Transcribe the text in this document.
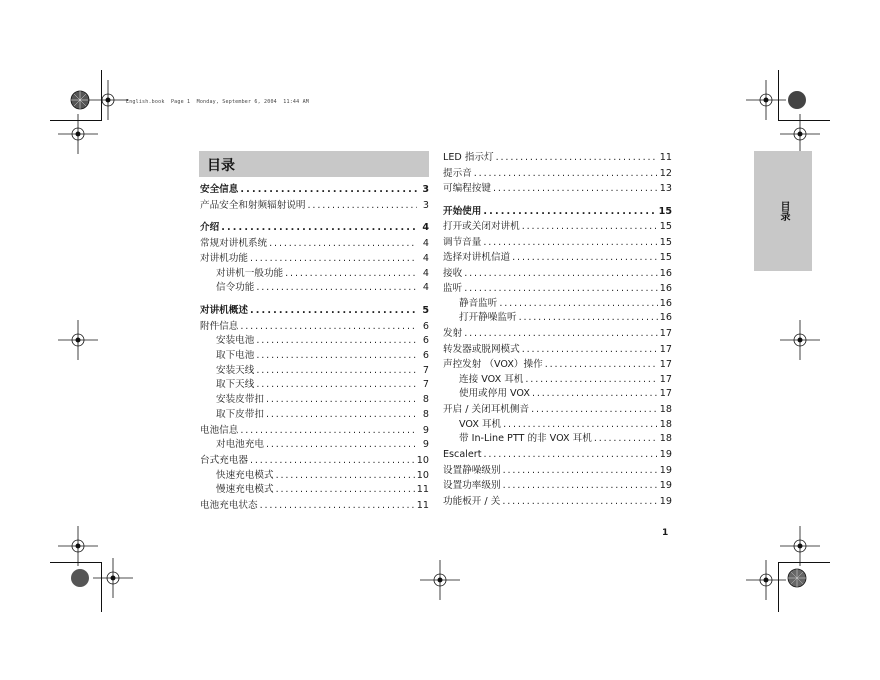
English.book  Page 1  Monday, September 6, 2004  11:44 AM
目录
安全信息 . . .	3
产品安全和射频辐射说明 . . .	3
介绍 . . .	4
常规对讲机系统 . . .	4
对讲机功能 . . .	4
对讲机一般功能 . . .	4
信令功能 . . .	4
对讲机概述 . . .	5
附件信息 . . .	6
安装电池 . . .	6
取下电池 . . .	6
安装天线 . . .	7
取下天线 . . .	7
安装皮带扣 . . .	8
取下皮带扣 . . .	8
电池信息 . . .	9
对电池充电 . . .	9
台式充电器 . . .	10
快速充电模式 . . .	10
慢速充电模式 . . .	11
电池充电状态 . . .	11
LED 指示灯 . . .	11
提示音 . . .	12
可编程按键 . . .	13
开始使用 . . .	15
打开或关闭对讲机 . . .	15
调节音量 . . .	15
选择对讲机信道 . . .	15
接收 . . .	16
监听 . . .	16
静音监听 . . .	16
打开静噪监听 . . .	16
发射 . . .	17
转发器或脱网模式 . . .	17
声控发射 （VOX）操作 . . .	17
连接 VOX 耳机 . . .	17
使用或停用 VOX . . .	17
开启 / 关闭耳机侧音 . . .	18
VOX 耳机 . . .	18
带 In-Line PTT 的非 VOX 耳机 . . .	18
Escalert . . .	19
设置静噪级别 . . .	19
设置功率级别 . . .	19
功能板开 / 关 . . .	19
目录
1
